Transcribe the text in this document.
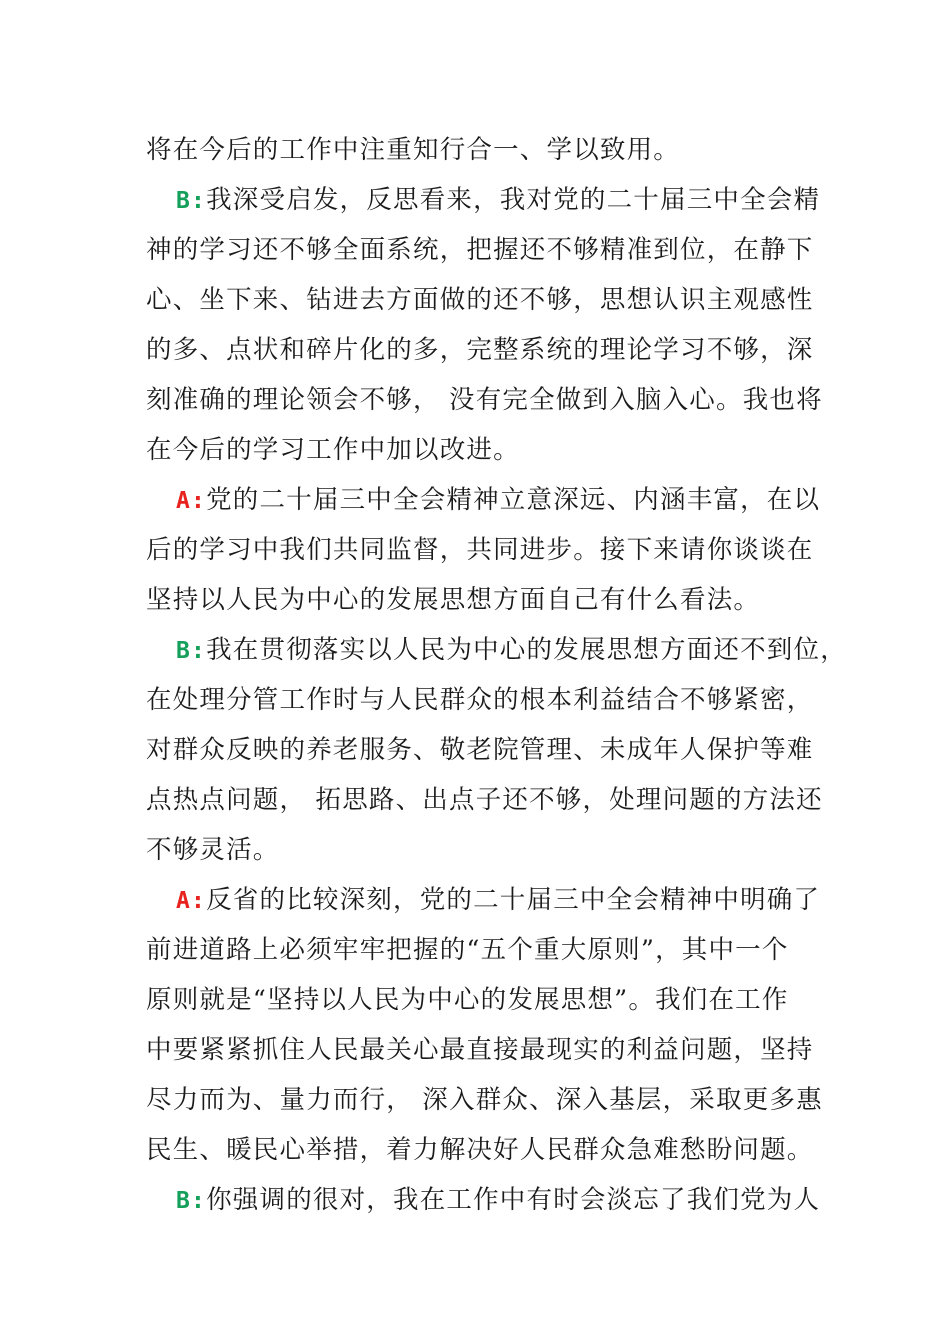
将在今后的工作中注重知行合一、学以致用。
B:我深受启发，反思看来，我对党的二十届三中全会精
神的学习还不够全面系统，把握还不够精准到位，在静下
心、坐下来、钻进去方面做的还不够，思想认识主观感性
的多、点状和碎片化的多，完整系统的理论学习不够，深
刻准确的理论领会不够， 没有完全做到入脑入心。我也将
在今后的学习工作中加以改进。
A:党的二十届三中全会精神立意深远、内涵丰富，在以
后的学习中我们共同监督，共同进步。接下来请你谈谈在
坚持以人民为中心的发展思想方面自己有什么看法。
B:我在贯彻落实以人民为中心的发展思想方面还不到位，
在处理分管工作时与人民群众的根本利益结合不够紧密，
对群众反映的养老服务、敬老院管理、未成年人保护等难
点热点问题， 拓思路、出点子还不够，处理问题的方法还
不够灵活。
A:反省的比较深刻，党的二十届三中全会精神中明确了
前进道路上必须牢牢把握的“五个重大原则”，其中一个
原则就是“坚持以人民为中心的发展思想”。我们在工作
中要紧紧抓住人民最关心最直接最现实的利益问题，坚持
尽力而为、量力而行， 深入群众、深入基层，采取更多惠
民生、暖民心举措，着力解决好人民群众急难愁盼问题。
B:你强调的很对，我在工作中有时会淡忘了我们党为人
